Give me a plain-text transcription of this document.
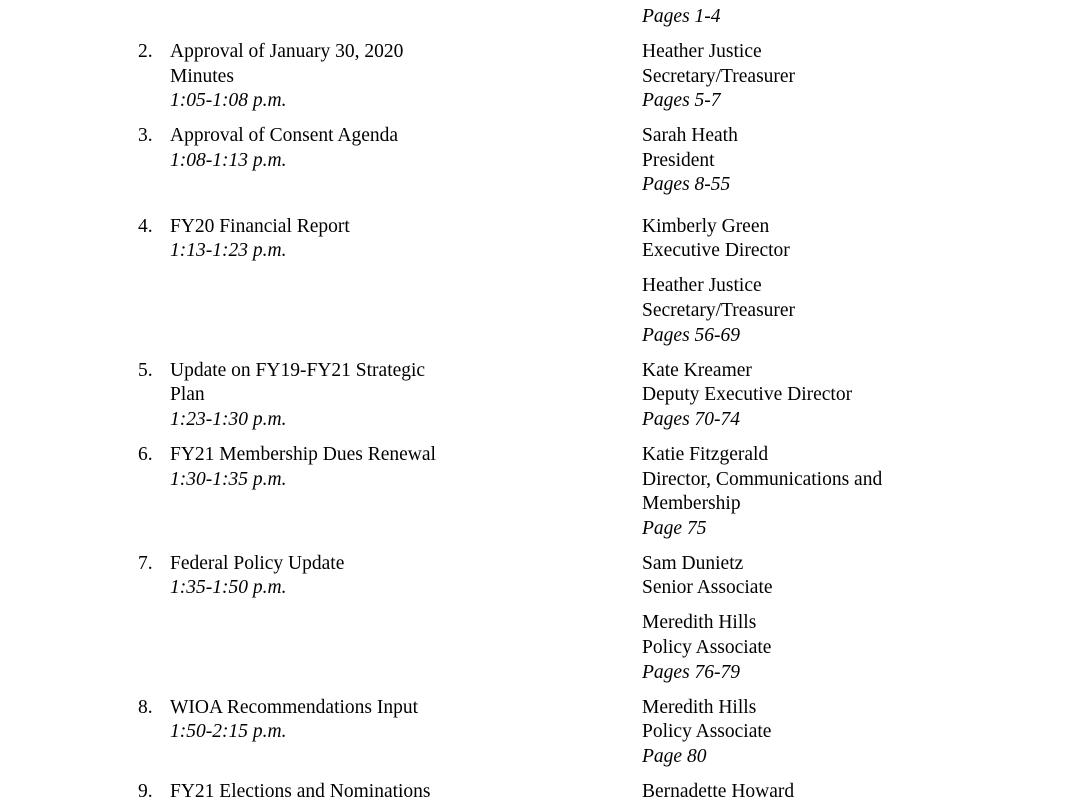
Pages 1-4
2. Approval of January 30, 2020
Minutes
1:05-1:08 p.m.
Heather Justice
Secretary/Treasurer
Pages 5-7
3. Approval of Consent Agenda
1:08-1:13 p.m.
Sarah Heath
President
Pages 8-55
4. FY20 Financial Report
1:13-1:23 p.m.
Kimberly Green
Executive Director
Heather Justice
Secretary/Treasurer
Pages 56-69
5. Update on FY19-FY21 Strategic
Plan
1:23-1:30 p.m.
Kate Kreamer
Deputy Executive Director
Pages 70-74
6. FY21 Membership Dues Renewal
1:30-1:35 p.m.
Katie Fitzgerald
Director, Communications and
Membership
Page 75
7. Federal Policy Update
1:35-1:50 p.m.
Sam Dunietz
Senior Associate
Meredith Hills
Policy Associate
Pages 76-79
8. WIOA Recommendations Input
1:50-2:15 p.m.
Meredith Hills
Policy Associate
Page 80
9. FY21 Elections and Nominations	Bernadette Howard
